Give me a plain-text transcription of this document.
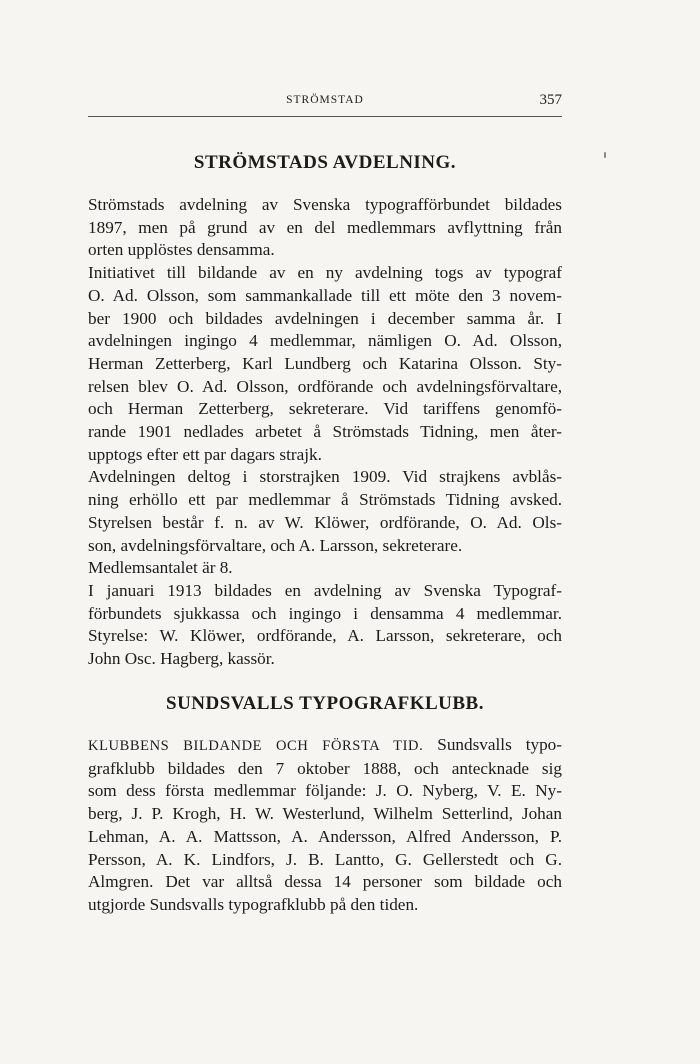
STRÖMSTAD	357
STRÖMSTADS AVDELNING.
Strömstads avdelning av Svenska typografförbundet bildades
1897, men på grund av en del medlemmars avflyttning från
orten upplöstes densamma.
Initiativet till bildande av en ny avdelning togs av typograf
O. Ad. Olsson, som sammankallade till ett möte den 3 novem-
ber 1900 och bildades avdelningen i december samma år. I
avdelningen ingingo 4 medlemmar, nämligen O. Ad. Olsson,
Herman Zetterberg, Karl Lundberg och Katarina Olsson. Sty-
relsen blev O. Ad. Olsson, ordförande och avdelningsförvaltare,
och Herman Zetterberg, sekreterare. Vid tariffens genomfö-
rande 1901 nedlades arbetet å Strömstads Tidning, men åter-
upptogs efter ett par dagars strajk.
Avdelningen deltog i storstrajken 1909. Vid strajkens avblås-
ning erhöllo ett par medlemmar å Strömstads Tidning avsked.
Styrelsen består f. n. av W. Klöwer, ordförande, O. Ad. Ols-
son, avdelningsförvaltare, och A. Larsson, sekreterare.
Medlemsantalet är 8.
I januari 1913 bildades en avdelning av Svenska Typograf-
förbundets sjukkassa och ingingo i densamma 4 medlemmar.
Styrelse: W. Klöwer, ordförande, A. Larsson, sekreterare, och
John Osc. Hagberg, kassör.
SUNDSVALLS TYPOGRAFKLUBB.
KLUBBENS BILDANDE OCH FÖRSTA TID. Sundsvalls typo-
grafklubb bildades den 7 oktober 1888, och antecknade sig
som dess första medlemmar följande: J. O. Nyberg, V. E. Ny-
berg, J. P. Krogh, H. W. Westerlund, Wilhelm Setterlind, Johan
Lehman, A. A. Mattsson, A. Andersson, Alfred Andersson, P.
Persson, A. K. Lindfors, J. B. Lantto, G. Gellerstedt och G.
Almgren. Det var alltså dessa 14 personer som bildade och
utgjorde Sundsvalls typografklubb på den tiden.
